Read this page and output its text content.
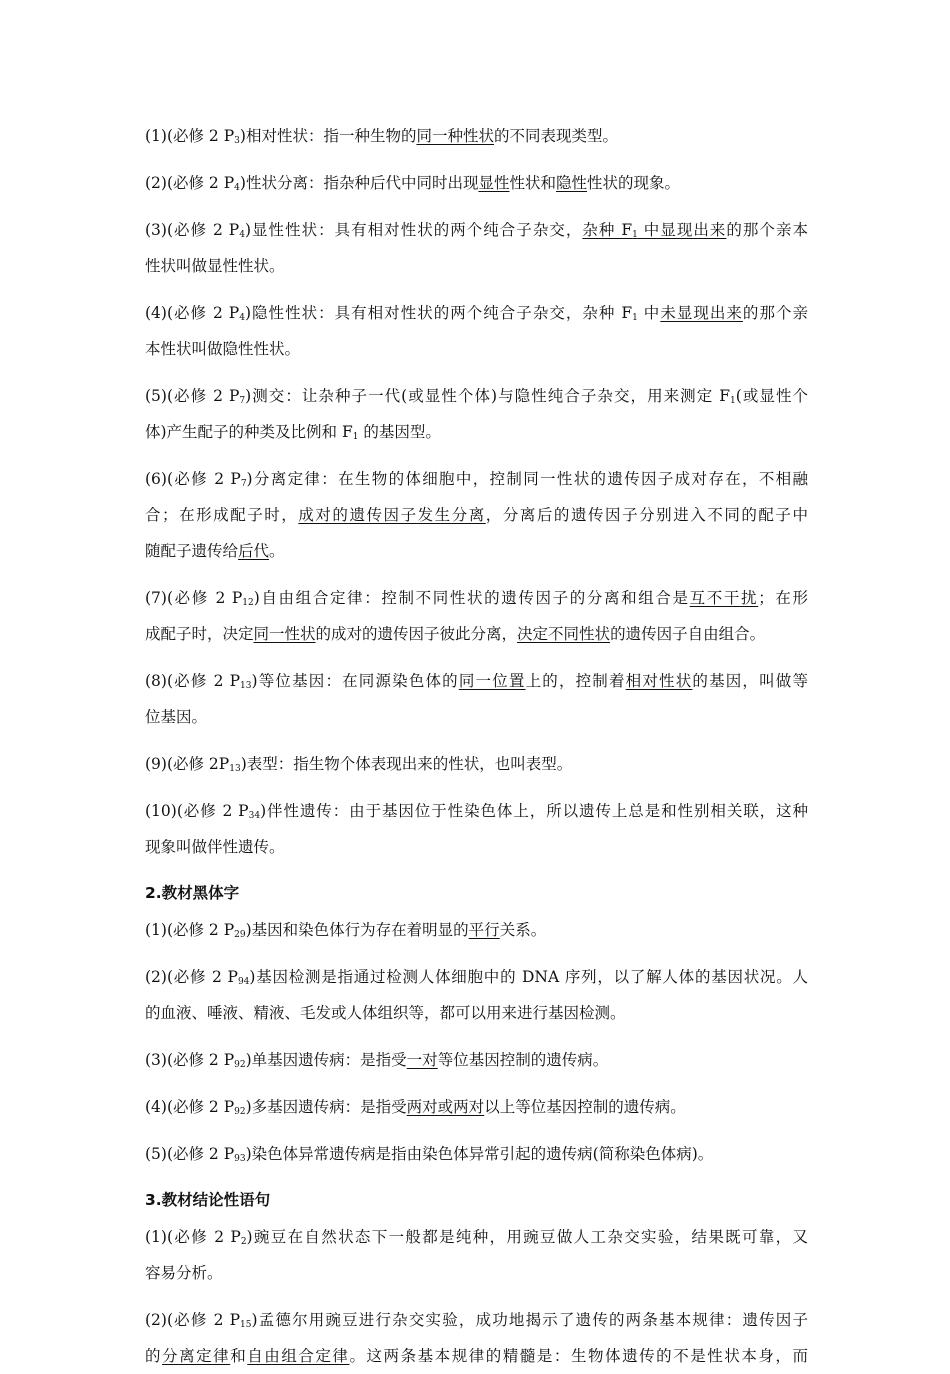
(1)(必修 2 $P_3$)相对性状：指一种生物的同一种性状的不同表现类型。
(2)(必修 2 $P_4$)性状分离：指杂种后代中同时出现显性性状和隐性性状的现象。
(3)(必修 2 $P_4$)显性性状：具有相对性状的两个纯合子杂交，杂种 $F_1$ 中显现出来的那个亲本
性状叫做显性性状。
(4)(必修 2 $P_4$)隐性性状：具有相对性状的两个纯合子杂交，杂种 $F_1$ 中未显现出来的那个亲
本性状叫做隐性性状。
(5)(必修 2 $P_7$)测交：让杂种子一代(或显性个体)与隐性纯合子杂交，用来测定 $F_1$(或显性个
体)产生配子的种类及比例和 $F_1$ 的基因型。
(6)(必修 2 $P_7$)分离定律：在生物的体细胞中，控制同一性状的遗传因子成对存在，不相融
合；在形成配子时，成对的遗传因子发生分离，分离后的遗传因子分别进入不同的配子中
随配子遗传给后代。
(7)(必修 2 $P_{12}$)自由组合定律：控制不同性状的遗传因子的分离和组合是互不干扰；在形
成配子时，决定同一性状的成对的遗传因子彼此分离，决定不同性状的遗传因子自由组合。
(8)(必修 2 $P_{13}$)等位基因：在同源染色体的同一位置上的，控制着相对性状的基因，叫做等
位基因。
(9)(必修 $2P_{13}$)表型：指生物个体表现出来的性状，也叫表型。
(10)(必修 2 $P_{34}$)伴性遗传：由于基因位于性染色体上，所以遗传上总是和性别相关联，这种
现象叫做伴性遗传。
2.教材黑体字
(1)(必修 2 $P_{29}$)基因和染色体行为存在着明显的平行关系。
(2)(必修 2 $P_{94}$)基因检测是指通过检测人体细胞中的 DNA 序列，以了解人体的基因状况。人
的血液、唾液、精液、毛发或人体组织等，都可以用来进行基因检测。
(3)(必修 2 $P_{92}$)单基因遗传病：是指受一对等位基因控制的遗传病。
(4)(必修 2 $P_{92}$)多基因遗传病：是指受两对或两对以上等位基因控制的遗传病。
(5)(必修 2 $P_{93}$)染色体异常遗传病是指由染色体异常引起的遗传病(简称染色体病)。
3.教材结论性语句
(1)(必修 2 $P_2$)豌豆在自然状态下一般都是纯种，用豌豆做人工杂交实验，结果既可靠，又
容易分析。
(2)(必修 2 $P_{15}$)孟德尔用豌豆进行杂交实验，成功地揭示了遗传的两条基本规律：遗传因子
的分离定律和自由组合定律。这两条基本规律的精髓是：生物体遗传的不是性状本身，而
